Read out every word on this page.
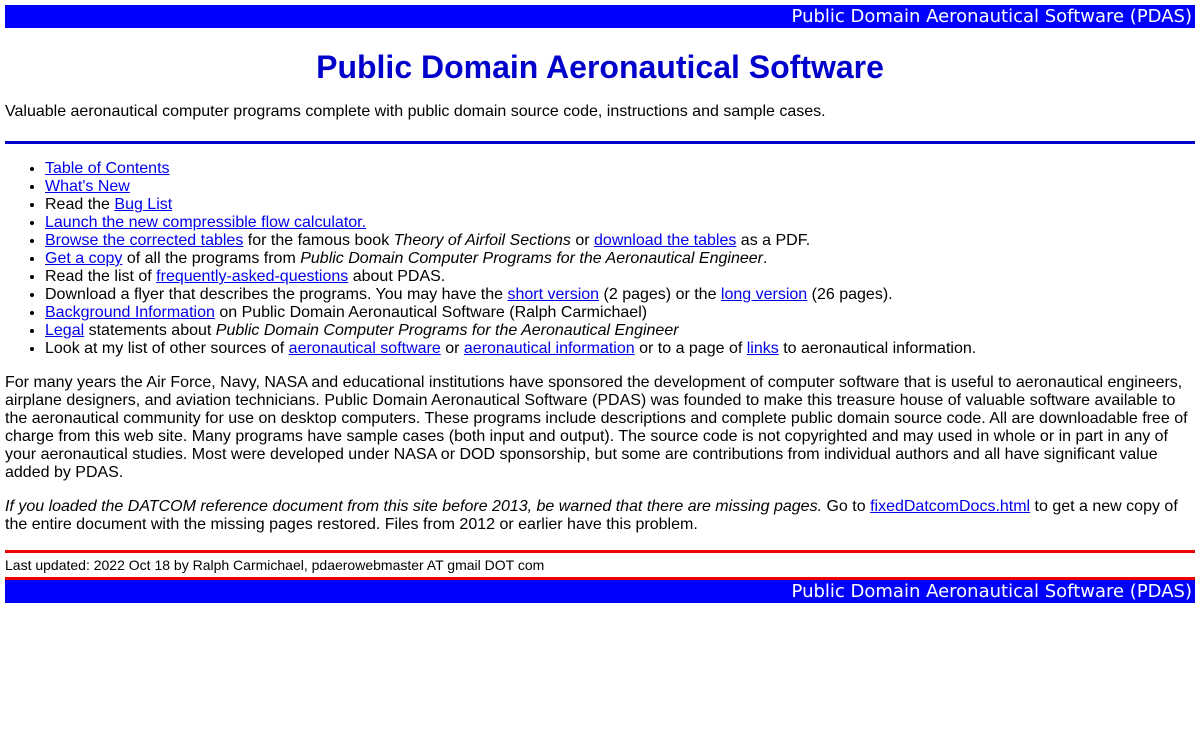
Public Domain Aeronautical Software (PDAS)
Public Domain Aeronautical Software

Valuable aeronautical computer programs complete with public domain source code, instructions and sample cases.

• Table of Contents
• What's New
• Read the Bug List
• Launch the new compressible flow calculator.
• Browse the corrected tables for the famous book Theory of Airfoil Sections or download the tables as a PDF.
• Get a copy of all the programs from Public Domain Computer Programs for the Aeronautical Engineer.
• Read the list of frequently-asked-questions about PDAS.
• Download a flyer that describes the programs. You may have the short version (2 pages) or the long version (26 pages).
• Background Information on Public Domain Aeronautical Software (Ralph Carmichael)
• Legal statements about Public Domain Computer Programs for the Aeronautical Engineer
• Look at my list of other sources of aeronautical software or aeronautical information or to a page of links to aeronautical information.

For many years the Air Force, Navy, NASA and educational institutions have sponsored the development of computer software that is useful to aeronautical engineers, airplane designers, and aviation technicians. Public Domain Aeronautical Software (PDAS) was founded to make this treasure house of valuable software available to the aeronautical community for use on desktop computers. These programs include descriptions and complete public domain source code. All are downloadable free of charge from this web site. Many programs have sample cases (both input and output). The source code is not copyrighted and may used in whole or in part in any of your aeronautical studies. Most were developed under NASA or DOD sponsorship, but some are contributions from individual authors and all have significant value added by PDAS.

If you loaded the DATCOM reference document from this site before 2013, be warned that there are missing pages. Go to fixedDatcomDocs.html to get a new copy of the entire document with the missing pages restored. Files from 2012 or earlier have this problem.

Last updated: 2022 Oct 18 by Ralph Carmichael, pdaerowebmaster AT gmail DOT com
Public Domain Aeronautical Software (PDAS)
